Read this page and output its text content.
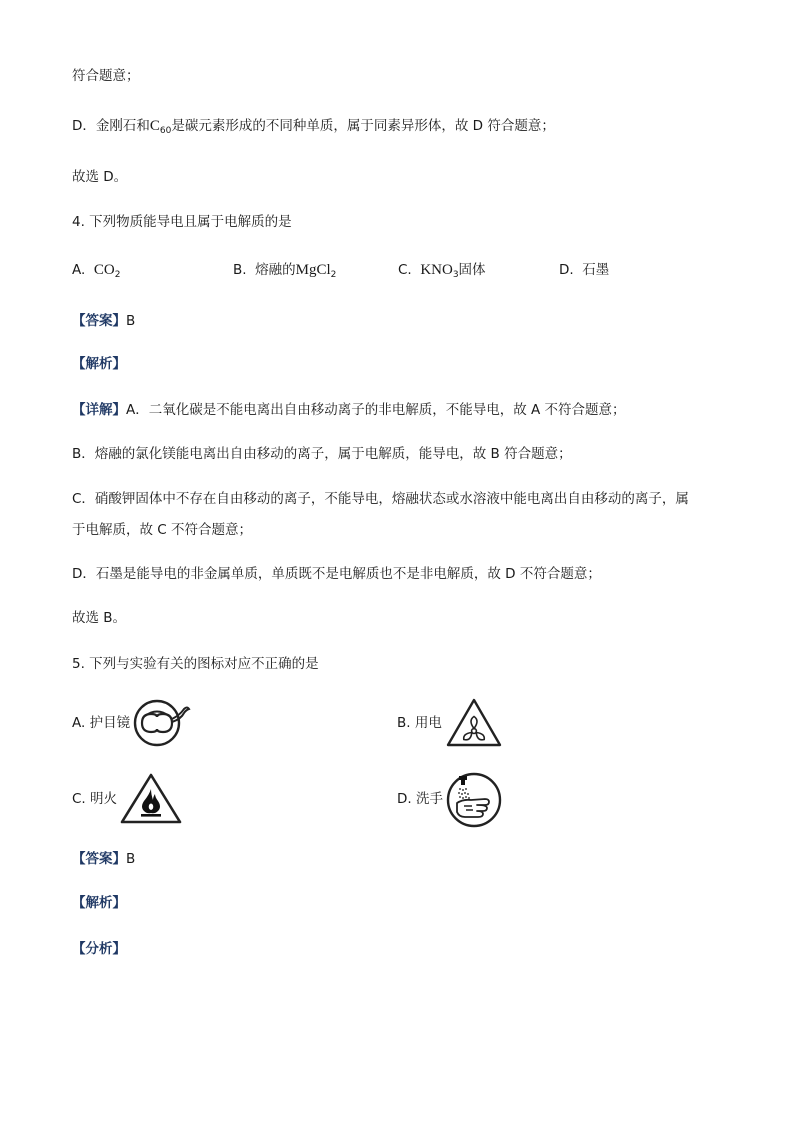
符合题意；
D．金刚石和$C_{60}$是碳元素形成的不同种单质，属于同素异形体，故 D 符合题意；
故选 D。
4. 下列物质能导电且属于电解质的是
A. $CO_2$	B. 熔融的MgCl$_2$	C. $KNO_3$固体	D. 石墨
【答案】B
【解析】
【详解】A．二氧化碳是不能电离出自由移动离子的非电解质，不能导电，故 A 不符合题意；
B．熔融的氯化镁能电离出自由移动的离子，属于电解质，能导电，故 B 符合题意；
C．硝酸钾固体中不存在自由移动的离子，不能导电，熔融状态或水溶液中能电离出自由移动的离子，属
于电解质，故 C 不符合题意；
D．石墨是能导电的非金属单质，单质既不是电解质也不是非电解质，故 D 不符合题意；
故选 B。
5. 下列与实验有关的图标对应不正确的是
A. 护目镜	B. 用电
C. 明火	D. 洗手
【答案】B
【解析】
【分析】
